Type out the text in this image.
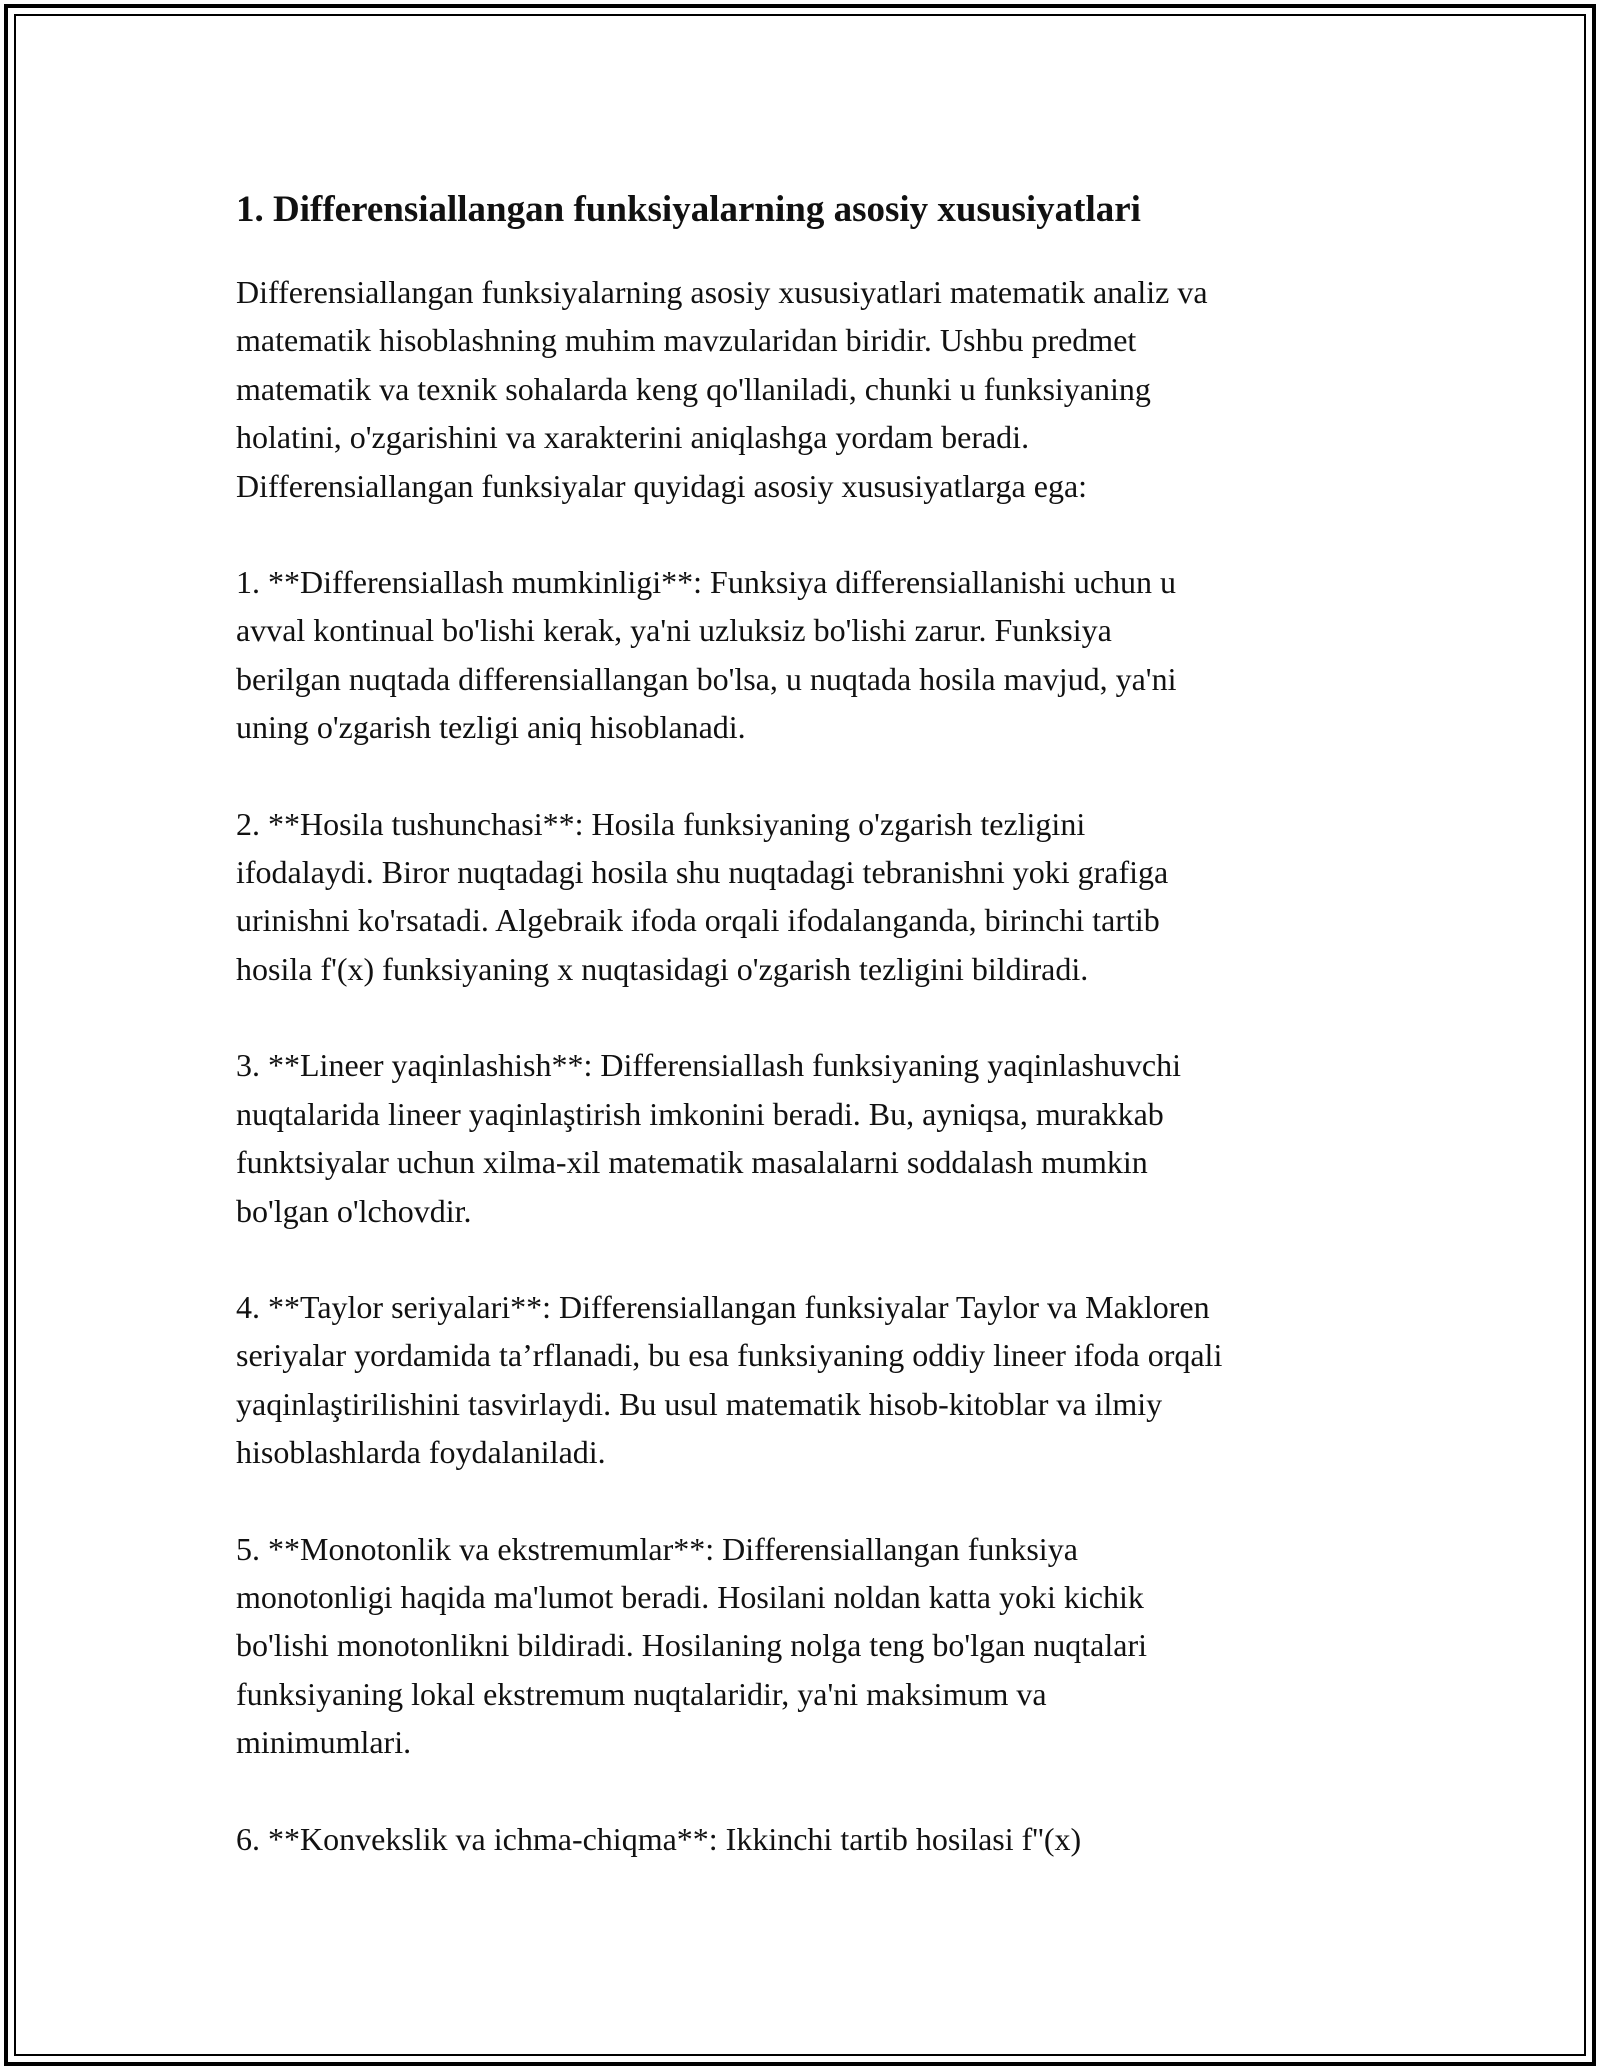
1. Differensiallangan funksiyalarning asosiy xususiyatlari

Differensiallangan funksiyalarning asosiy xususiyatlari matematik analiz va
matematik hisoblashning muhim mavzularidan biridir. Ushbu predmet
matematik va texnik sohalarda keng qo'llaniladi, chunki u funksiyaning
holatini, o'zgarishini va xarakterini aniqlashga yordam beradi.
Differensiallangan funksiyalar quyidagi asosiy xususiyatlarga ega:

1. **Differensiallash mumkinligi**: Funksiya differensiallanishi uchun u
avval kontinual bo'lishi kerak, ya'ni uzluksiz bo'lishi zarur. Funksiya
berilgan nuqtada differensiallangan bo'lsa, u nuqtada hosila mavjud, ya'ni
uning o'zgarish tezligi aniq hisoblanadi.

2. **Hosila tushunchasi**: Hosila funksiyaning o'zgarish tezligini
ifodalaydi. Biror nuqtadagi hosila shu nuqtadagi tebranishni yoki grafiga
urinishni ko'rsatadi. Algebraik ifoda orqali ifodalanganda, birinchi tartib
hosila f'(x) funksiyaning x nuqtasidagi o'zgarish tezligini bildiradi.

3. **Lineer yaqinlashish**: Differensiallash funksiyaning yaqinlashuvchi
nuqtalarida lineer yaqinlaştirish imkonini beradi. Bu, ayniqsa, murakkab
funktsiyalar uchun xilma-xil matematik masalalarni soddalash mumkin
bo'lgan o'lchovdir.

4. **Taylor seriyalari**: Differensiallangan funksiyalar Taylor va Makloren
seriyalar yordamida ta’rflanadi, bu esa funksiyaning oddiy lineer ifoda orqali
yaqinlaştirilishini tasvirlaydi. Bu usul matematik hisob-kitoblar va ilmiy
hisoblashlarda foydalaniladi.

5. **Monotonlik va ekstremumlar**: Differensiallangan funksiya
monotonligi haqida ma'lumot beradi. Hosilani noldan katta yoki kichik
bo'lishi monotonlikni bildiradi. Hosilaning nolga teng bo'lgan nuqtalari
funksiyaning lokal ekstremum nuqtalaridir, ya'ni maksimum va
minimumlari.

6. **Konvekslik va ichma-chiqma**: Ikkinchi tartib hosilasi f''(x)
